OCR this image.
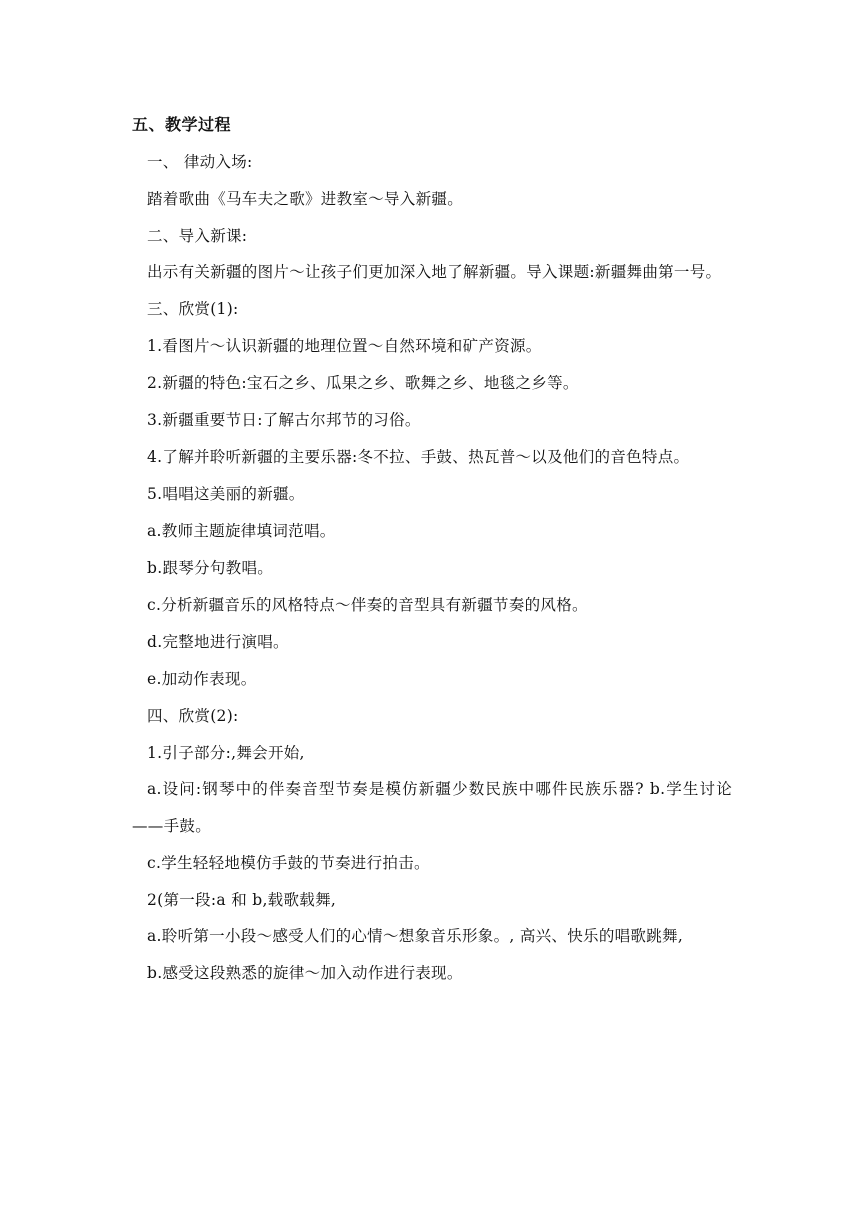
五、教学过程

一、 律动入场:

踏着歌曲《马车夫之歌》进教室～导入新疆。

二、导入新课:

出示有关新疆的图片～让孩子们更加深入地了解新疆。导入课题:新疆舞曲第一号。

三、欣赏(1):

1.看图片～认识新疆的地理位置～自然环境和矿产资源。

2.新疆的特色:宝石之乡、瓜果之乡、歌舞之乡、地毯之乡等。

3.新疆重要节日:了解古尔邦节的习俗。

4.了解并聆听新疆的主要乐器:冬不拉、手鼓、热瓦普～以及他们的音色特点。

5.唱唱这美丽的新疆。

a.教师主题旋律填词范唱。

b.跟琴分句教唱。

c.分析新疆音乐的风格特点～伴奏的音型具有新疆节奏的风格。

d.完整地进行演唱。

e.加动作表现。

四、欣赏(2):

1.引子部分:,舞会开始,

a.设问:钢琴中的伴奏音型节奏是模仿新疆少数民族中哪件民族乐器? b.学生讨论——手鼓。

c.学生轻轻地模仿手鼓的节奏进行拍击。

2(第一段:a 和 b,载歌载舞,

a.聆听第一小段～感受人们的心情～想象音乐形象。, 高兴、快乐的唱歌跳舞,

b.感受这段熟悉的旋律～加入动作进行表现。
